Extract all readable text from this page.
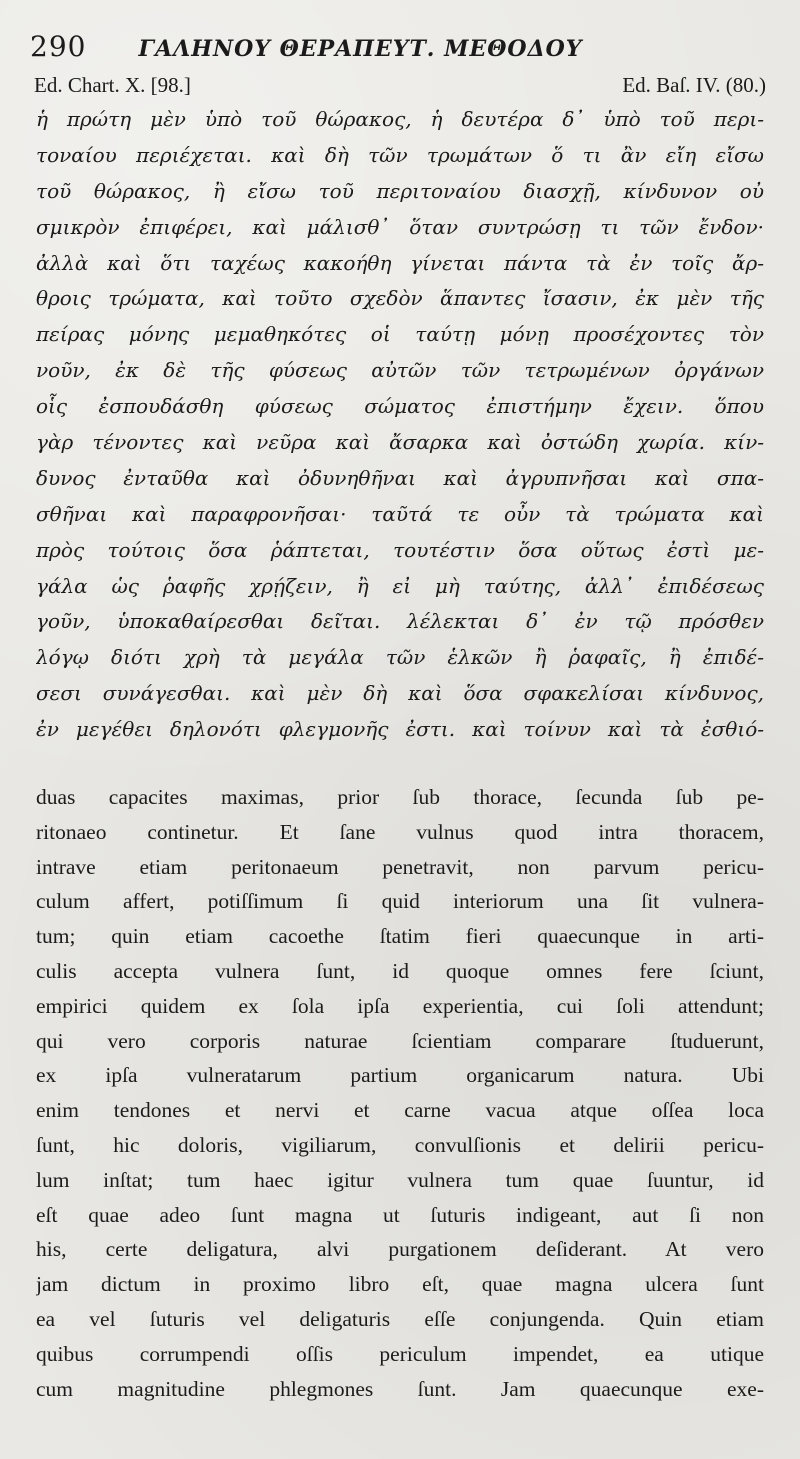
290 ΓΑΛΗΝΟΥ ΘΕΡΑΠΕΥΤ. ΜΕΘΟΔΟΥ
Ed. Chart. X. [98.]	Ed. Baſ. IV. (80.)
ἡ πρώτη μὲν ὑπὸ τοῦ θώρακος, ἡ δευτέρα δ᾽ ὑπὸ τοῦ περι-
τοναίου περιέχεται. καὶ δὴ τῶν τρωμάτων ὅ τι ἂν εἴη εἴσω
τοῦ θώρακος, ἢ εἴσω τοῦ περιτοναίου διασχῇ, κίνδυνον οὐ
σμικρὸν ἐπιφέρει, καὶ μάλισθ᾽ ὅταν συντρώσῃ τι τῶν ἔνδον·
ἀλλὰ καὶ ὅτι ταχέως κακοήθη γίνεται πάντα τὰ ἐν τοῖς ἄρ-
θροις τρώματα, καὶ τοῦτο σχεδὸν ἅπαντες ἴσασιν, ἐκ μὲν τῆς
πείρας μόνης μεμαθηκότες οἱ ταύτῃ μόνῃ προσέχοντες τὸν
νοῦν, ἐκ δὲ τῆς φύσεως αὐτῶν τῶν τετρωμένων ὀργάνων
οἷς ἐσπουδάσθη φύσεως σώματος ἐπιστήμην ἔχειν. ὅπου
γὰρ τένοντες καὶ νεῦρα καὶ ἄσαρκα καὶ ὀστώδη χωρία. κίν-
δυνος ἐνταῦθα καὶ ὀδυνηθῆναι καὶ ἀγρυπνῆσαι καὶ σπα-
σθῆναι καὶ παραφρονῆσαι· ταῦτά τε οὖν τὰ τρώματα καὶ
πρὸς τούτοις ὅσα ῥάπτεται, τουτέστιν ὅσα οὕτως ἐστὶ με-
γάλα ὡς ῥαφῆς χρῄζειν, ἢ εἰ μὴ ταύτης, ἀλλ᾽ ἐπιδέσεως
γοῦν, ὑποκαθαίρεσθαι δεῖται. λέλεκται δ᾽ ἐν τῷ πρόσθεν
λόγῳ διότι χρὴ τὰ μεγάλα τῶν ἑλκῶν ἢ ῥαφαῖς, ἢ ἐπιδέ-
σεσι συνάγεσθαι. καὶ μὲν δὴ καὶ ὅσα σφακελίσαι κίνδυνος,
ἐν μεγέθει δηλονότι φλεγμονῆς ἐστι. καὶ τοίνυν καὶ τὰ ἐσθιό-
duas capacites maximas, prior ſub thorace, ſecunda ſub pe-
ritonaeo continetur. Et ſane vulnus quod intra thoracem,
intrave etiam peritonaeum penetravit, non parvum pericu-
culum affert, potiſſimum ſi quid interiorum una ſit vulnera-
tum; quin etiam cacoethe ſtatim fieri quaecunque in arti-
culis accepta vulnera ſunt, id quoque omnes fere ſciunt,
empirici quidem ex ſola ipſa experientia, cui ſoli attendunt;
qui vero corporis naturae ſcientiam comparare ſtuduerunt,
ex ipſa vulneratarum partium organicarum natura. Ubi
enim tendones et nervi et carne vacua atque oſſea loca
ſunt, hic doloris, vigiliarum, convulſionis et delirii pericu-
lum inſtat; tum haec igitur vulnera tum quae ſuuntur, id
eſt quae adeo ſunt magna ut ſuturis indigeant, aut ſi non
his, certe deligatura, alvi purgationem deſiderant. At vero
jam dictum in proximo libro eſt, quae magna ulcera ſunt
ea vel ſuturis vel deligaturis eſſe conjungenda. Quin etiam
quibus corrumpendi oſſis periculum impendet, ea utique
cum magnitudine phlegmones ſunt. Jam quaecunque exe-
